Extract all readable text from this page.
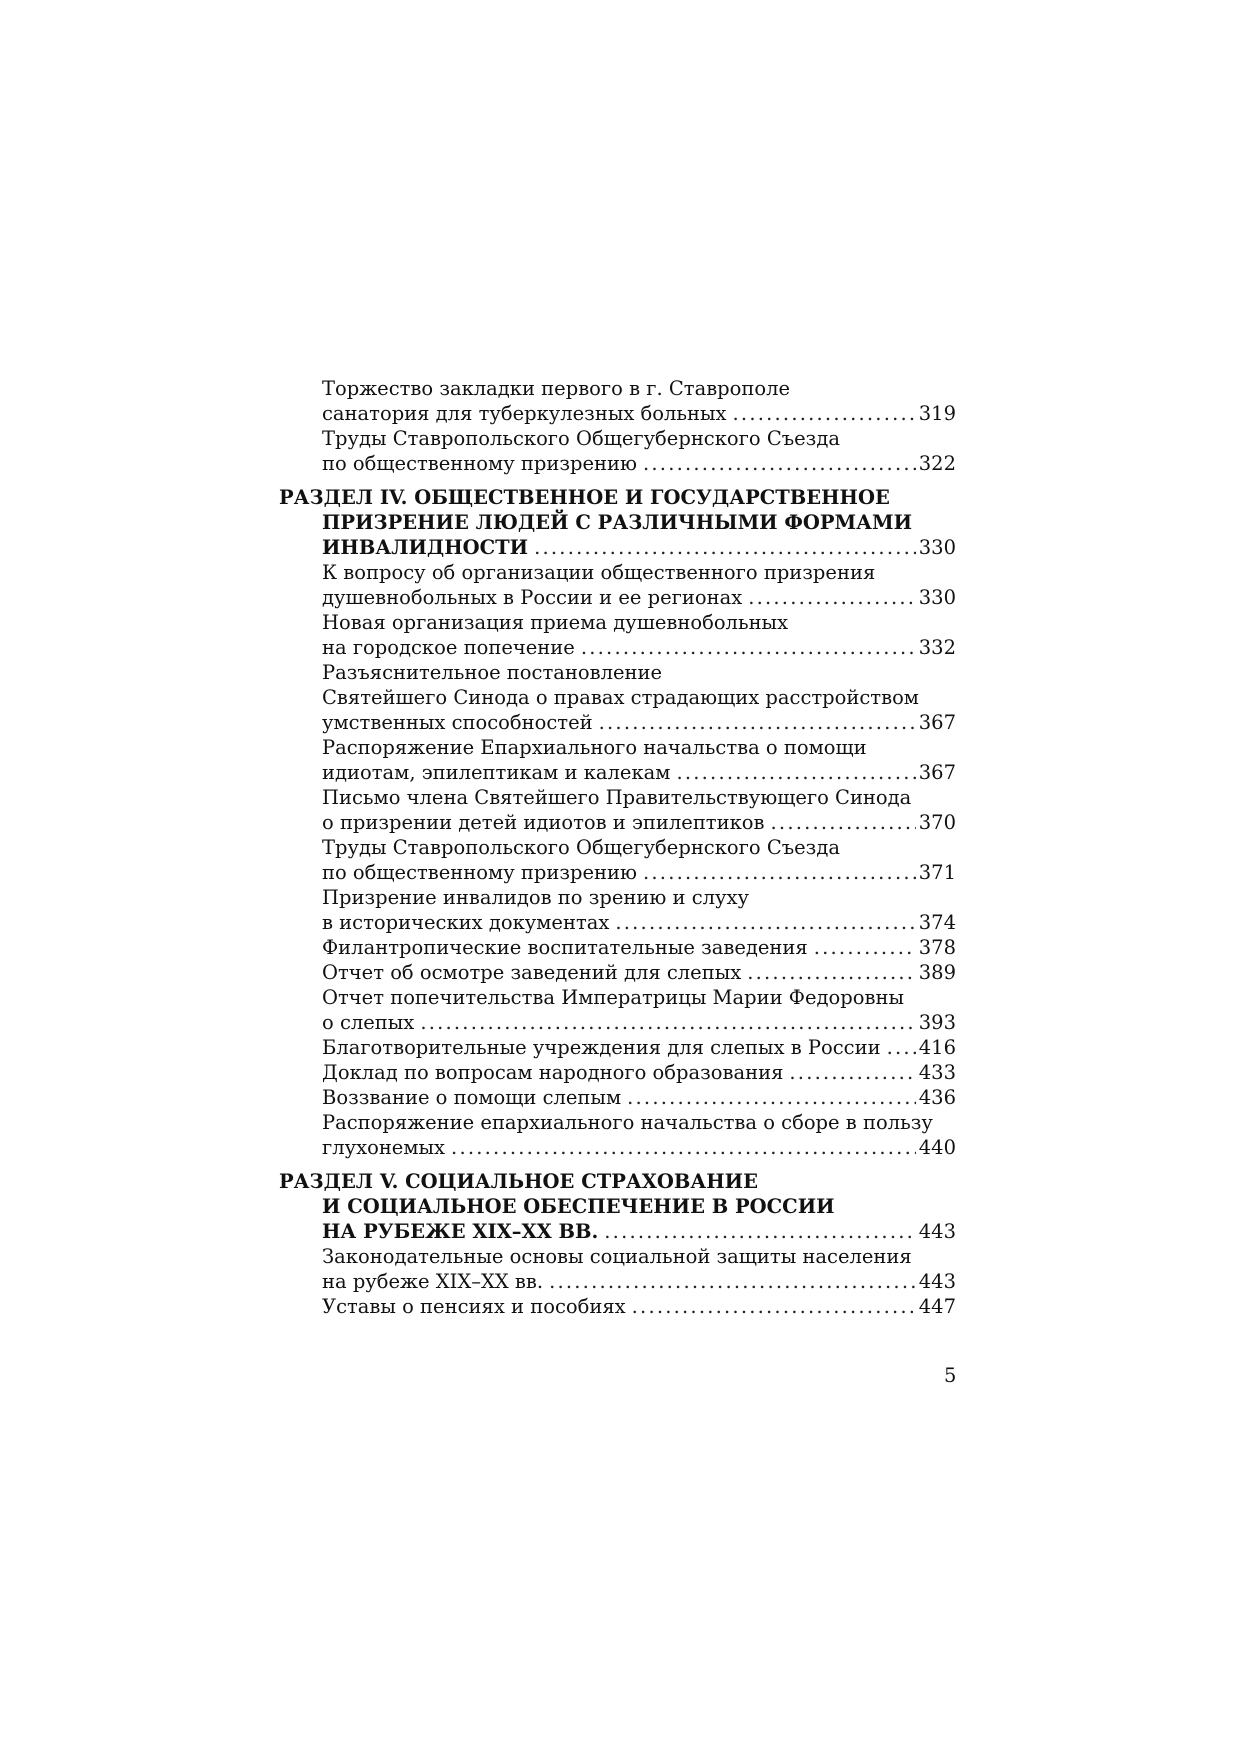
Торжество закладки первого в г. Ставрополе
санатория для туберкулезных больных .....	319
Труды Ставропольского Общегубернского Съезда
по общественному призрению .....	322
РАЗДЕЛ IV. ОБЩЕСТВЕННОЕ И ГОСУДАРСТВЕННОЕ
ПРИЗРЕНИЕ ЛЮДЕЙ С РАЗЛИЧНЫМИ ФОРМАМИ
ИНВАЛИДНОСТИ .....	330
К вопросу об организации общественного призрения
душевнобольных в России и ее регионах .....	330
Новая организация приема душевнобольных
на городское попечение .....	332
Разъяснительное постановление
Святейшего Синода о правах страдающих расстройством
умственных способностей .....	367
Распоряжение Епархиального начальства о помощи
идиотам, эпилептикам и калекам .....	367
Письмо члена Святейшего Правительствующего Синода
о призрении детей идиотов и эпилептиков .....	370
Труды Ставропольского Общегубернского Съезда
по общественному призрению .....	371
Призрение инвалидов по зрению и слуху
в исторических документах .....	374
Филантропические воспитательные заведения .....	378
Отчет об осмотре заведений для слепых .....	389
Отчет попечительства Императрицы Марии Федоровны
о слепых .....	393
Благотворительные учреждения для слепых в России ..... 416
Доклад по вопросам народного образования .....	433
Воззвание о помощи слепым .....	436
Распоряжение епархиального начальства о сборе в пользу
глухонемых .....	440
РАЗДЕЛ V. СОЦИАЛЬНОЕ СТРАХОВАНИЕ
И СОЦИАЛЬНОЕ ОБЕСПЕЧЕНИЕ В РОССИИ
НА РУБЕЖЕ XIX–XX ВВ. .....	443
Законодательные основы социальной защиты населения
на рубеже XIX–XX вв. .....	443
Уставы о пенсиях и пособиях .....	447
5
